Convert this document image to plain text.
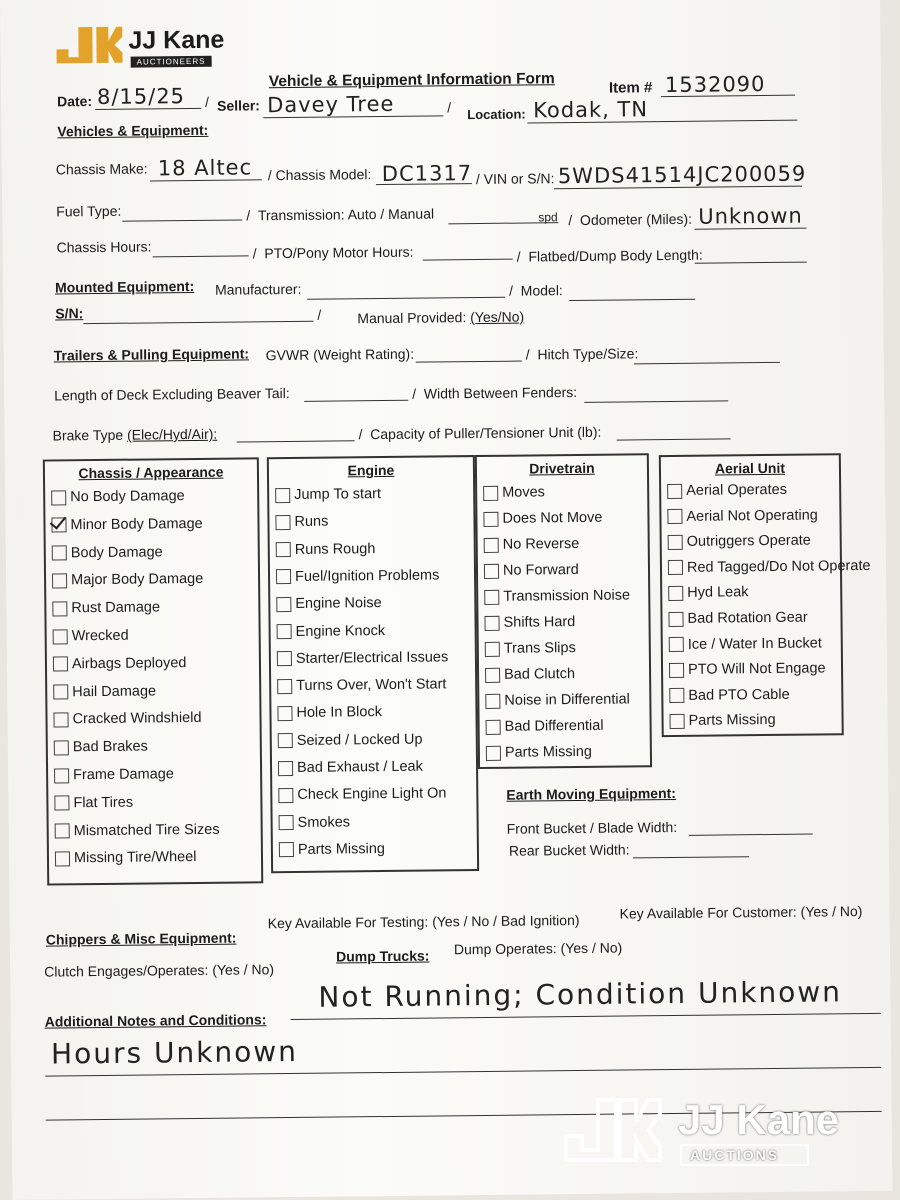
JJ Kane
AUCTIONEERS
Vehicle & Equipment Information Form	Item # 1532090
Date: 8/15/25 / Seller: Davey Tree	/ Location: Kodak, TN
Vehicles & Equipment:
Chassis Make: 18 Altec / Chassis Model: DC1317 / VIN or S/N: 5WDS41514JC200059
Fuel Type:	/  Transmission: Auto / Manual	spd /  Odometer (Miles): Unknown
Chassis Hours:	/  PTO/Pony Motor Hours:	/  Flatbed/Dump Body Length:
Mounted Equipment: Manufacturer:	/  Model:
S/N:	/	Manual Provided: (Yes/No)
Trailers & Pulling Equipment: GVWR (Weight Rating):	/  Hitch Type/Size:
Length of Deck Excluding Beaver Tail:	/  Width Between Fenders:
Brake Type (Elec/Hyd/Air):	/  Capacity of Puller/Tensioner Unit (lb):
Chassis / Appearance
No Body Damage
Minor Body Damage
Body Damage
Major Body Damage
Rust Damage
Wrecked
Airbags Deployed
Hail Damage
Cracked Windshield
Bad Brakes
Frame Damage
Flat Tires
Mismatched Tire Sizes
Missing Tire/Wheel
Engine
Jump To start
Runs
Runs Rough
Fuel/Ignition Problems
Engine Noise
Engine Knock
Starter/Electrical Issues
Turns Over, Won't Start
Hole In Block
Seized / Locked Up
Bad Exhaust / Leak
Check Engine Light On
Smokes
Parts Missing
Drivetrain
Moves
Does Not Move
No Reverse
No Forward
Transmission Noise
Shifts Hard
Trans Slips
Bad Clutch
Noise in Differential
Bad Differential
Parts Missing
Aerial Unit
Aerial Operates
Aerial Not Operating
Outriggers Operate
Red Tagged/Do Not Operate
Hyd Leak
Bad Rotation Gear
Ice / Water In Bucket
PTO Will Not Engage
Bad PTO Cable
Parts Missing
Earth Moving Equipment:
Front Bucket / Blade Width:
Rear Bucket Width:
Chippers & Misc Equipment:
Key Available For Testing: (Yes / No / Bad Ignition)	Key Available For Customer: (Yes / No)
Clutch Engages/Operates: (Yes / No)
Dump Trucks: Dump Operates: (Yes / No)
Additional Notes and Conditions:
Not Running; Condition Unknown
Hours Unknown
JJ Kane
AUCTIONS
